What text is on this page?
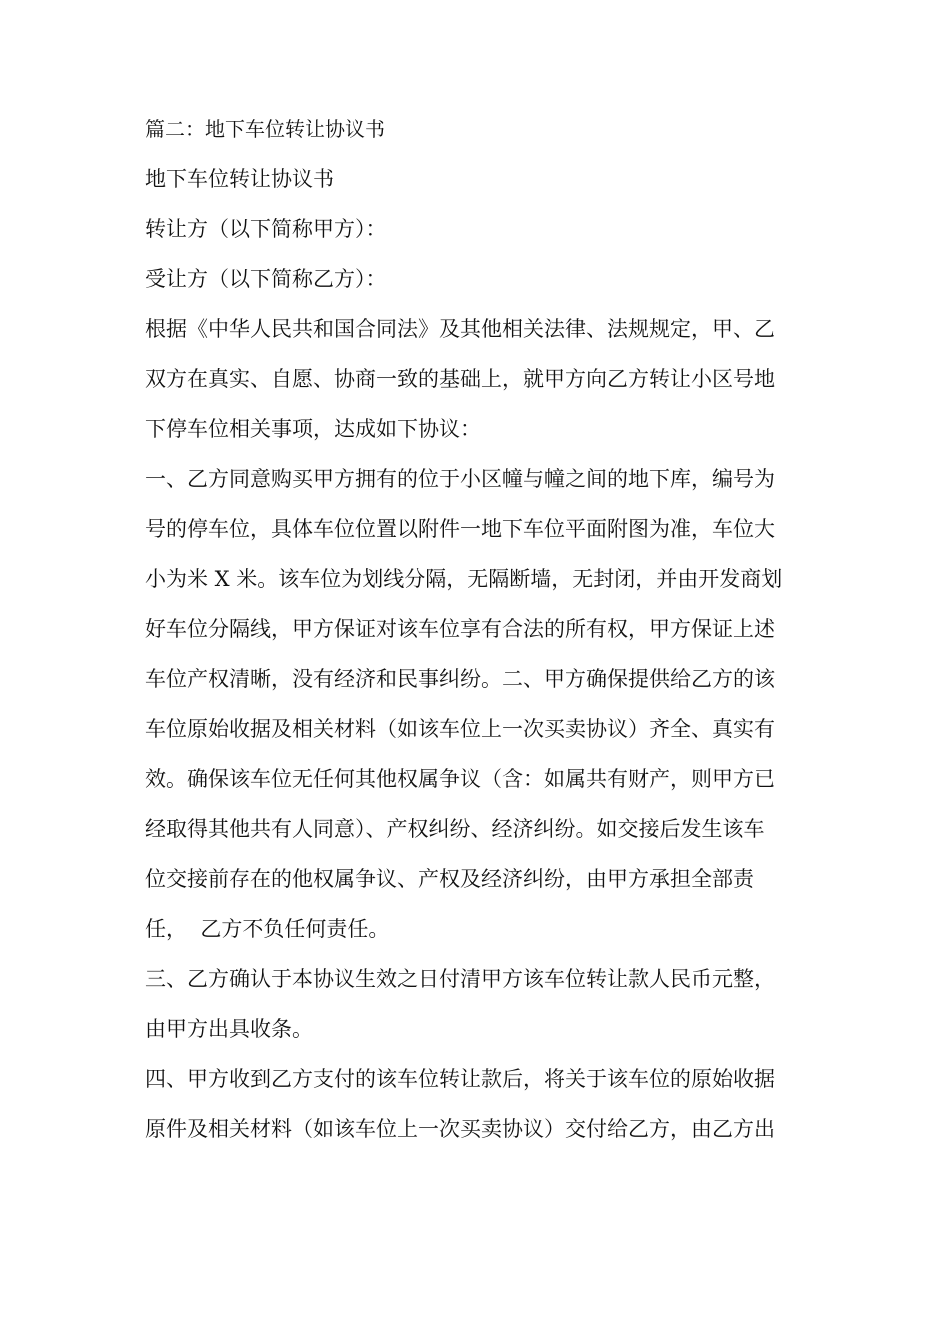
篇二：地下车位转让协议书
地下车位转让协议书
转让方（以下简称甲方）：
受让方（以下简称乙方）：
根据《中华人民共和国合同法》及其他相关法律、法规规定，甲、乙
双方在真实、自愿、协商一致的基础上，就甲方向乙方转让小区号地
下停车位相关事项，达成如下协议：
一、乙方同意购买甲方拥有的位于小区幢与幢之间的地下库，编号为
号的停车位，具体车位位置以附件一地下车位平面附图为准，车位大
小为米 X 米。该车位为划线分隔，无隔断墙，无封闭，并由开发商划
好车位分隔线，甲方保证对该车位享有合法的所有权，甲方保证上述
车位产权清晰，没有经济和民事纠纷。二、甲方确保提供给乙方的该
车位原始收据及相关材料（如该车位上一次买卖协议）齐全、真实有
效。确保该车位无任何其他权属争议（含：如属共有财产，则甲方已
经取得其他共有人同意）、产权纠纷、经济纠纷。如交接后发生该车
位交接前存在的他权属争议、产权及经济纠纷，由甲方承担全部责
任，  乙方不负任何责任。
三、乙方确认于本协议生效之日付清甲方该车位转让款人民币元整，
由甲方出具收条。
四、甲方收到乙方支付的该车位转让款后，将关于该车位的原始收据
原件及相关材料（如该车位上一次买卖协议）交付给乙方，由乙方出
